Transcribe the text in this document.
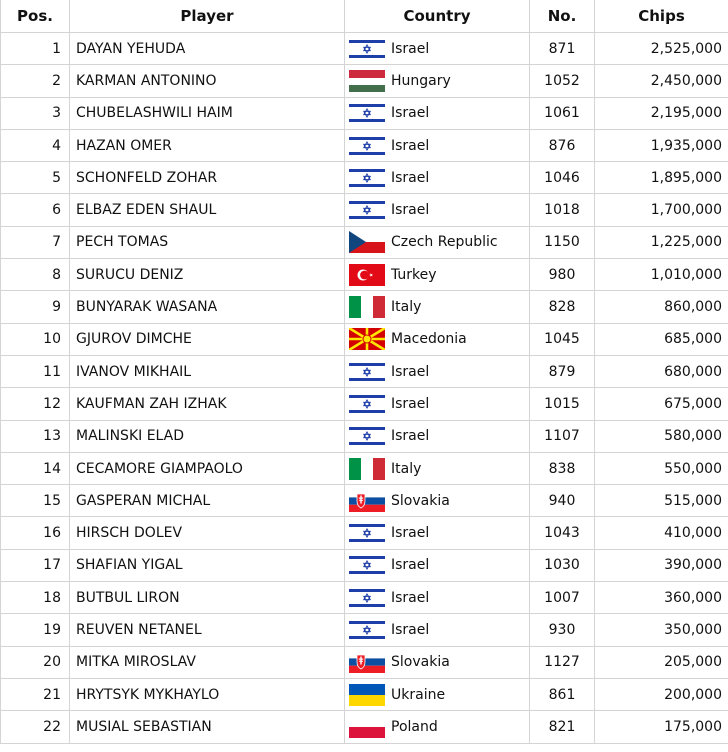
Pos.	Player	Country	No.	Chips
1	DAYAN YEHUDA	Israel	871	2,525,000
2	KARMAN ANTONINO	Hungary	1052	2,450,000
3	CHUBELASHWILI HAIM	Israel	1061	2,195,000
4	HAZAN OMER	Israel	876	1,935,000
5	SCHONFELD ZOHAR	Israel	1046	1,895,000
6	ELBAZ EDEN SHAUL	Israel	1018	1,700,000
7	PECH TOMAS	Czech Republic	1150	1,225,000
8	SURUCU DENIZ	Turkey	980	1,010,000
9	BUNYARAK WASANA	Italy	828	860,000
10	GJUROV DIMCHE	Macedonia	1045	685,000
11	IVANOV MIKHAIL	Israel	879	680,000
12	KAUFMAN ZAH IZHAK	Israel	1015	675,000
13	MALINSKI ELAD	Israel	1107	580,000
14	CECAMORE GIAMPAOLO	Italy	838	550,000
15	GASPERAN MICHAL	Slovakia	940	515,000
16	HIRSCH DOLEV	Israel	1043	410,000
17	SHAFIAN YIGAL	Israel	1030	390,000
18	BUTBUL LIRON	Israel	1007	360,000
19	REUVEN NETANEL	Israel	930	350,000
20	MITKA MIROSLAV	Slovakia	1127	205,000
21	HRYTSYK MYKHAYLO	Ukraine	861	200,000
22	MUSIAL SEBASTIAN	Poland	821	175,000
